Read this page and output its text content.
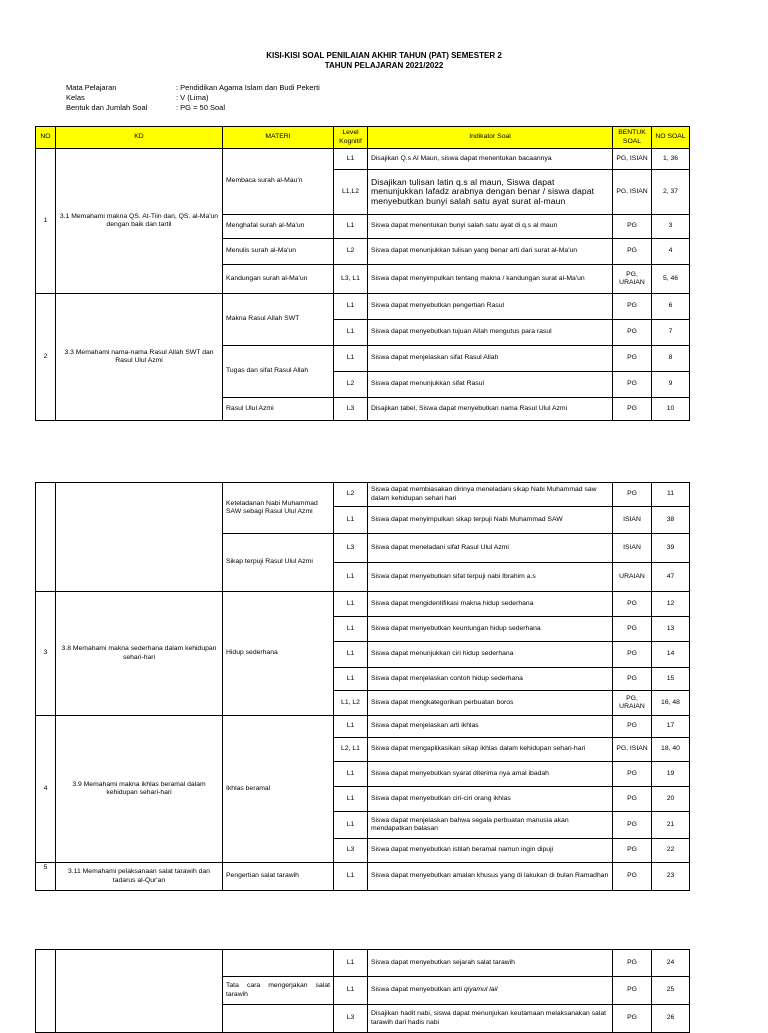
KISI-KISI SOAL PENILAIAN AKHIR TAHUN (PAT) SEMESTER 2
TAHUN PELAJARAN 2021/2022
Mata Pelajaran	: Pendidikan Agama Islam dan Budi Pekerti
Kelas	: V (Lima)
Bentuk dan Jumlah Soal	: PG = 50 Soal
NO	KD	MATERI	Level Kognitif	Indikator Soal	BENTUK SOAL	NO SOAL
1	3.1 Memahami makna QS. At-Tiin dan, QS. al-Ma'un dengan baik dan tartil	Membaca surah al-Mau'n	L1	Disajikan Q.s Al Maun, siswa dapat menentukan bacaannya	PG, ISIAN	1, 36
			L1,L2	Disajikan tulisan latin q.s al maun, Siswa dapat menunjukkan lafadz arabnya dengan benar / siswa dapat menyebutkan bunyi salah satu ayat surat al-maun	PG, ISIAN	2, 37
		Menghafal surah al-Ma'un	L1	Siswa dapat menentukan bunyi salah satu ayat di q.s al maun	PG	3
		Menulis surah al-Ma'un	L2	Siswa dapat menunjukkan tulisan yang benar arti dari surat al-Ma'un	PG	4
		Kandungan surah al-Ma'un	L3, L1	Siswa dapat menyimpulkan tentang makna / kandungan surat al-Ma'un	PG, URAIAN	5, 46
2	3.3 Memahami nama-nama Rasul Allah SWT dan Rasul Ulul Azmi	Makna Rasul Allah SWT	L1	Siswa dapat menyebutkan pengertian Rasul	PG	6
			L1	Siswa dapat menyebutkan tujuan Allah mengutus para rasul	PG	7
		Tugas dan sifat Rasul Allah	L1	Siswa dapat menjelaskan sifat Rasul Allah	PG	8
			L2	Siswa dapat menunjukkan sifat Rasul	PG	9
		Rasul Ulul Azmi	L3	Disajikan tabel, Siswa dapat menyebutkan nama Rasul Ulul Azmi	PG	10
		Keteladanan Nabi Muhammad SAW sebagi Rasul Ulul Azmi	L2	Siswa dapat membiasakan dirinya meneladani sikap Nabi Muhammad saw dalam kehidupan sehari hari	PG	11
			L1	Siswa dapat menyimpulkan sikap terpuji Nabi Muhammad SAW	ISIAN	38
		Sikap terpuji Rasul Ulul Azmi	L3	Siswa dapat meneladani sifat Rasul Ulul Azmi	ISIAN	39
			L1	Siswa dapat menyebutkan sifat terpuji nabi Ibrahim a.s	URAIAN	47
3	3.8 Memahami makna sederhana dalam kehidupan sehari-hari	Hidup sederhana	L1	Siswa dapat mengidentifikasi makna hidup sederhana	PG	12
			L1	Siswa dapat menyebutkan keuntungan hidup sederhana	PG	13
			L1	Siswa dapat menunjukkan ciri hidup sederhana	PG	14
			L1	Siswa dapat menjelaskan contoh hidup sederhana	PG	15
			L1, L2	Siswa dapat mengkategorikan perbuatan boros	PG, URAIAN	16, 48
4	3.9 Memahami makna ikhlas beramal dalam kehidupan sehari-hari	Ikhlas beramal	L1	Siswa dapat menjelaskan arti ikhlas	PG	17
			L2, L1	Siswa dapat mengaplikasikan sikap ikhlas dalam kehidupan sehari-hari	PG, ISIAN	18, 40
			L1	Siswa dapat menyebutkan syarat diterima nya amal ibadah	PG	19
			L1	Siswa dapat menyebutkan ciri-ciri orang ikhlas	PG	20
			L1	Siswa dapat menjelaskan bahwa segala perbuatan manusia akan mendapatkan balasan	PG	21
			L3	Siswa dapat menyebutkan istilah beramal namun ingin dipuji	PG	22
5	3.11 Memahami pelaksanaan salat tarawih dan tadarus al-Qur'an	Pengertian salat tarawih	L1	Siswa dapat menyebutkan amalan khusus yang di lakukan di bulan Ramadhan	PG	23
			L1	Siswa dapat menyebutkan sejarah salat tarawih	PG	24
		Tata cara mengerjakan salat tarawih	L1	Siswa dapat menyebutkan arti qiyamul lail	PG	25
			L3	Disajikan hadit nabi, siswa dapat menunjukan keutamaan melaksanakan salat tarawih dari hadis nabi	PG	26
